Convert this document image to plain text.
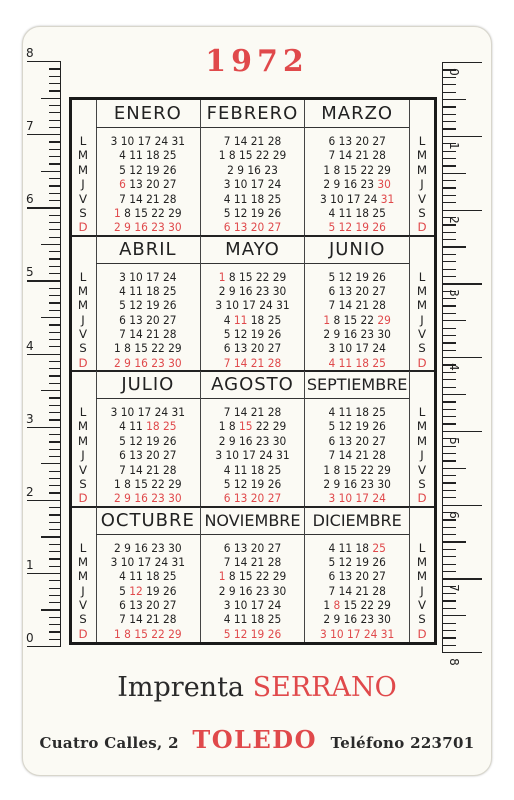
1972
8
7
6
5
4
3
2
1
0
0
1
2
3
4
5
6
7
8
L
M
M
J
V
S
D
L
M
M
J
V
S
D
ENERO
3 10 17 24 31
4 11 18 25
5 12 19 26
6 13 20 27
7 14 21 28
1 8 15 22 29
2 9 16 23 30
FEBRERO
7 14 21 28
1 8 15 22 29
2 9 16 23
3 10 17 24
4 11 18 25
5 12 19 26
6 13 20 27
MARZO
6 13 20 27
7 14 21 28
1 8 15 22 29
2 9 16 23 30
3 10 17 24 31
4 11 18 25
5 12 19 26
L
M
M
J
V
S
D
L
M
M
J
V
S
D
ABRIL
3 10 17 24
4 11 18 25
5 12 19 26
6 13 20 27
7 14 21 28
1 8 15 22 29
2 9 16 23 30
MAYO
1 8 15 22 29
2 9 16 23 30
3 10 17 24 31
4 11 18 25
5 12 19 26
6 13 20 27
7 14 21 28
JUNIO
5 12 19 26
6 13 20 27
7 14 21 28
1 8 15 22 29
2 9 16 23 30
3 10 17 24
4 11 18 25
L
M
M
J
V
S
D
L
M
M
J
V
S
D
JULIO
3 10 17 24 31
4 11 18 25
5 12 19 26
6 13 20 27
7 14 21 28
1 8 15 22 29
2 9 16 23 30
AGOSTO
7 14 21 28
1 8 15 22 29
2 9 16 23 30
3 10 17 24 31
4 11 18 25
5 12 19 26
6 13 20 27
SEPTIEMBRE
4 11 18 25
5 12 19 26
6 13 20 27
7 14 21 28
1 8 15 22 29
2 9 16 23 30
3 10 17 24
L
M
M
J
V
S
D
L
M
M
J
V
S
D
OCTUBRE
2 9 16 23 30
3 10 17 24 31
4 11 18 25
5 12 19 26
6 13 20 27
7 14 21 28
1 8 15 22 29
NOVIEMBRE
6 13 20 27
7 14 21 28
1 8 15 22 29
2 9 16 23 30
3 10 17 24
4 11 18 25
5 12 19 26
DICIEMBRE
4 11 18 25
5 12 19 26
6 13 20 27
7 14 21 28
1 8 15 22 29
2 9 16 23 30
3 10 17 24 31
Imprenta SERRANO
Cuatro Calles, 2 TOLEDO Teléfono 223701
